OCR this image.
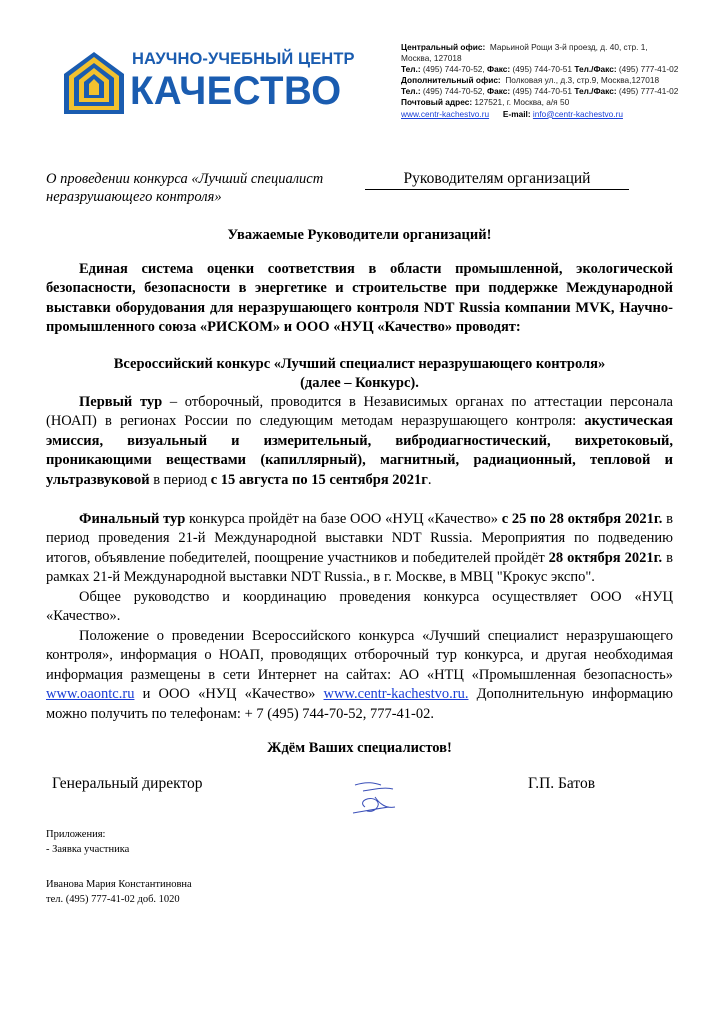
НАУЧНО-УЧЕБНЫЙ ЦЕНТР
КАЧЕСТВО
Центральный офис: Марьиной Рощи 3-й проезд, д. 40, стр. 1,
Москва, 127018
Тел.: (495) 744-70-52, Факс: (495) 744-70-51 Тел./Факс: (495) 777-41-02
Дополнительный офис: Полковая ул., д.3, стр.9, Москва,127018
Тел.: (495) 744-70-52, Факс: (495) 744-70-51 Тел./Факс: (495) 777-41-02
Почтовый адрес: 127521, г. Москва, а/я 50
www.centr-kachestvo.ru E-mail: info@centr-kachestvo.ru
О проведении конкурса «Лучший специалист
неразрушающего контроля»
Руководителям организаций
Уважаемые Руководители организаций!
Единая система оценки соответствия в области промышленной, экологической безопасности, безопасности в энергетике и строительстве при поддержке Международной выставки оборудования для неразрушающего контроля NDT Russia компании MVK, Научно-промышленного союза «РИСКОМ» и ООО «НУЦ «Качество» проводят:
Всероссийский конкурс «Лучший специалист неразрушающего контроля»
(далее – Конкурс).
Первый тур – отборочный, проводится в Независимых органах по аттестации персонала (НОАП) в регионах России по следующим методам неразрушающего контроля: акустическая эмиссия, визуальный и измерительный, вибродиагностический, вихретоковый, проникающими веществами (капиллярный), магнитный, радиационный, тепловой и ультразвуковой в период с 15 августа по 15 сентября 2021г.
Финальный тур конкурса пройдёт на базе ООО «НУЦ «Качество» с 25 по 28 октября 2021г. в период проведения 21-й Международной выставки NDT Russia. Мероприятия по подведению итогов, объявление победителей, поощрение участников и победителей пройдёт 28 октября 2021г. в рамках 21-й Международной выставки NDT Russia., в г. Москве, в МВЦ "Крокус экспо".
Общее руководство и координацию проведения конкурса осуществляет ООО «НУЦ «Качество».
Положение о проведении Всероссийского конкурса «Лучший специалист неразрушающего контроля», информация о НОАП, проводящих отборочный тур конкурса, и другая необходимая информация размещены в сети Интернет на сайтах: АО «НТЦ «Промышленная безопасность» www.oaontc.ru и ООО «НУЦ «Качество» www.centr-kachestvo.ru. Дополнительную информацию можно получить по телефонам: + 7 (495) 744-70-52, 777-41-02.
Ждём Ваших специалистов!
Генеральный директор	Г.П. Батов
Приложения:
- Заявка участника
Иванова Мария Константиновна
тел. (495) 777-41-02 доб. 1020
